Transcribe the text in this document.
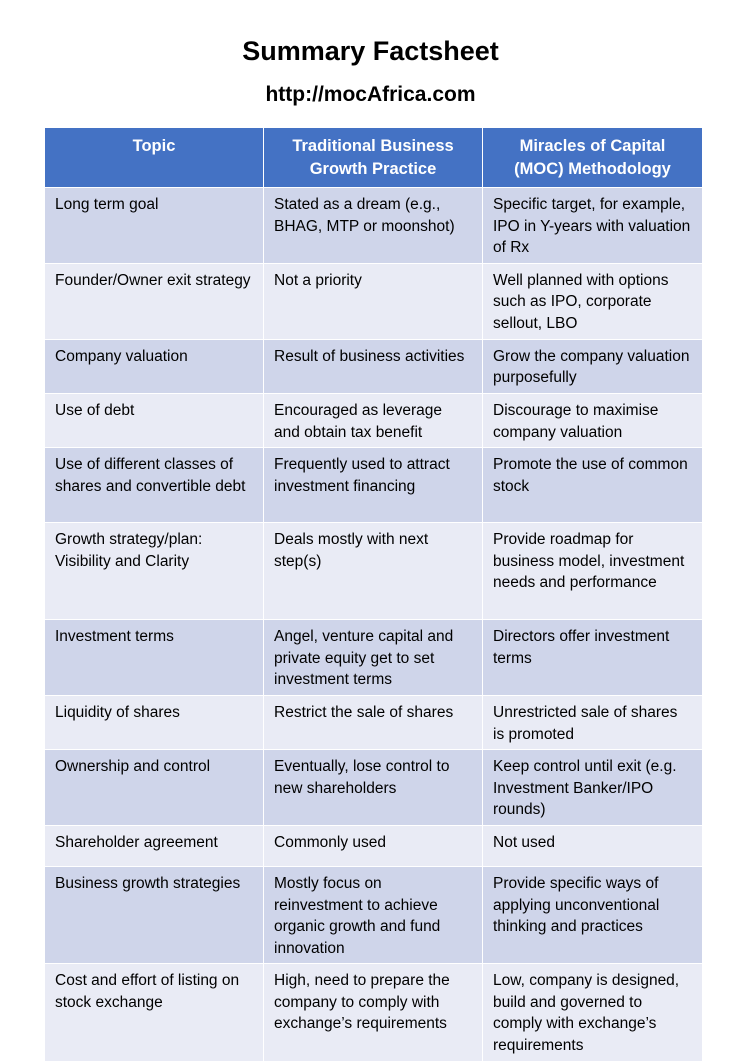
Summary Factsheet
http://mocAfrica.com
Topic	Traditional Business Growth Practice	Miracles of Capital (MOC) Methodology
Long term goal	Stated as a dream (e.g., BHAG, MTP or moonshot)	Specific target, for example, IPO in Y-years with valuation of Rx
Founder/Owner exit strategy	Not a priority	Well planned with options such as IPO, corporate sellout, LBO
Company valuation	Result of business activities	Grow the company valuation purposefully
Use of debt	Encouraged as leverage and obtain tax benefit	Discourage to maximise company valuation
Use of different classes of shares and convertible debt	Frequently used to attract investment financing	Promote the use of common stock
Growth strategy/plan: Visibility and Clarity	Deals mostly with next step(s)	Provide roadmap for business model, investment needs and performance
Investment terms	Angel, venture capital and private equity get to set investment terms	Directors offer investment terms
Liquidity of shares	Restrict the sale of shares	Unrestricted sale of shares is promoted
Ownership and control	Eventually, lose control to new shareholders	Keep control until exit (e.g. Investment Banker/IPO rounds)
Shareholder agreement	Commonly used	Not used
Business growth strategies	Mostly focus on reinvestment to achieve organic growth and fund innovation	Provide specific ways of applying unconventional thinking and practices
Cost and effort of listing on stock exchange	High, need to prepare the company to comply with exchange’s requirements	Low, company is designed, build and governed to comply with exchange’s requirements
